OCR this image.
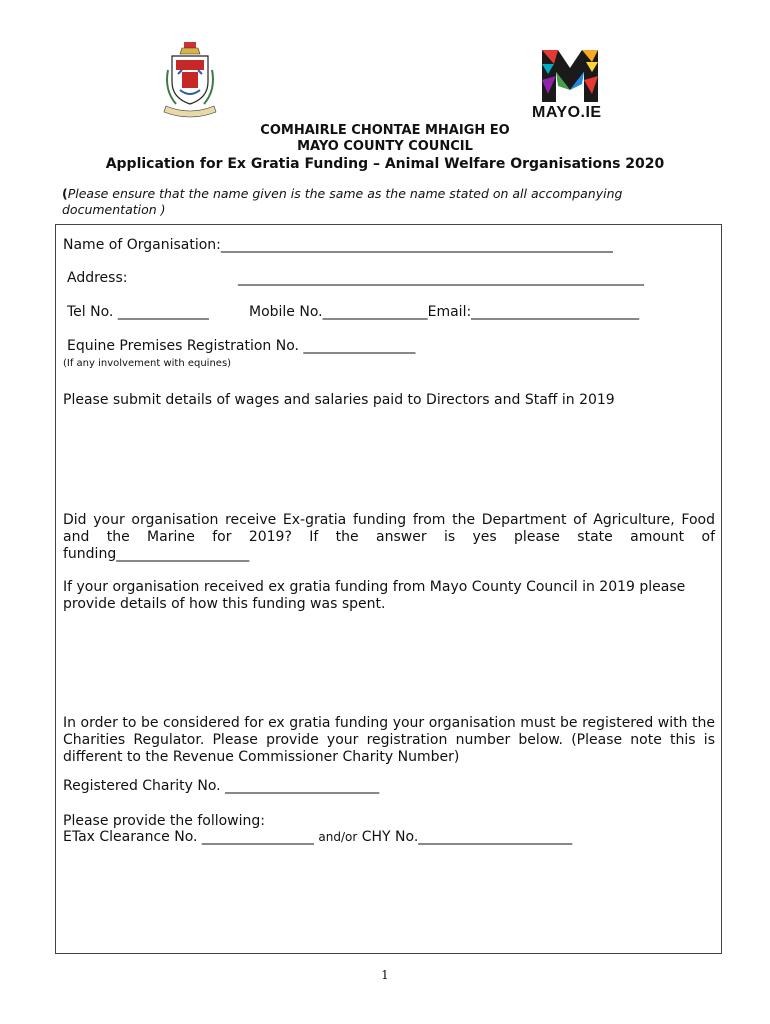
MAYO.IE
COMHAIRLE CHONTAE MHAIGH EO
MAYO COUNTY COUNCIL
Application for Ex Gratia Funding – Animal Welfare Organisations 2020
(Please ensure that the name given is the same as the name stated on all accompanying documentation )
Name of Organisation:________________________________________________________
Address:	__________________________________________________________
Tel No. _____________	Mobile No._______________Email:________________________
Equine Premises Registration No. ________________
(If any involvement with equines)
Please submit details of wages and salaries paid to Directors and Staff in 2019
Did your organisation receive Ex-gratia funding from the Department of Agriculture, Food and the Marine for 2019? If the answer is yes please state amount of funding___________________
If your organisation received ex gratia funding from Mayo County Council in 2019 please provide details of how this funding was spent.
In order to be considered for ex gratia funding your organisation must be registered with the Charities Regulator. Please provide your registration number below. (Please note this is different to the Revenue Commissioner Charity Number)
Registered Charity No. ______________________
Please provide the following:
ETax Clearance No. ________________ and/or CHY No.______________________
1
